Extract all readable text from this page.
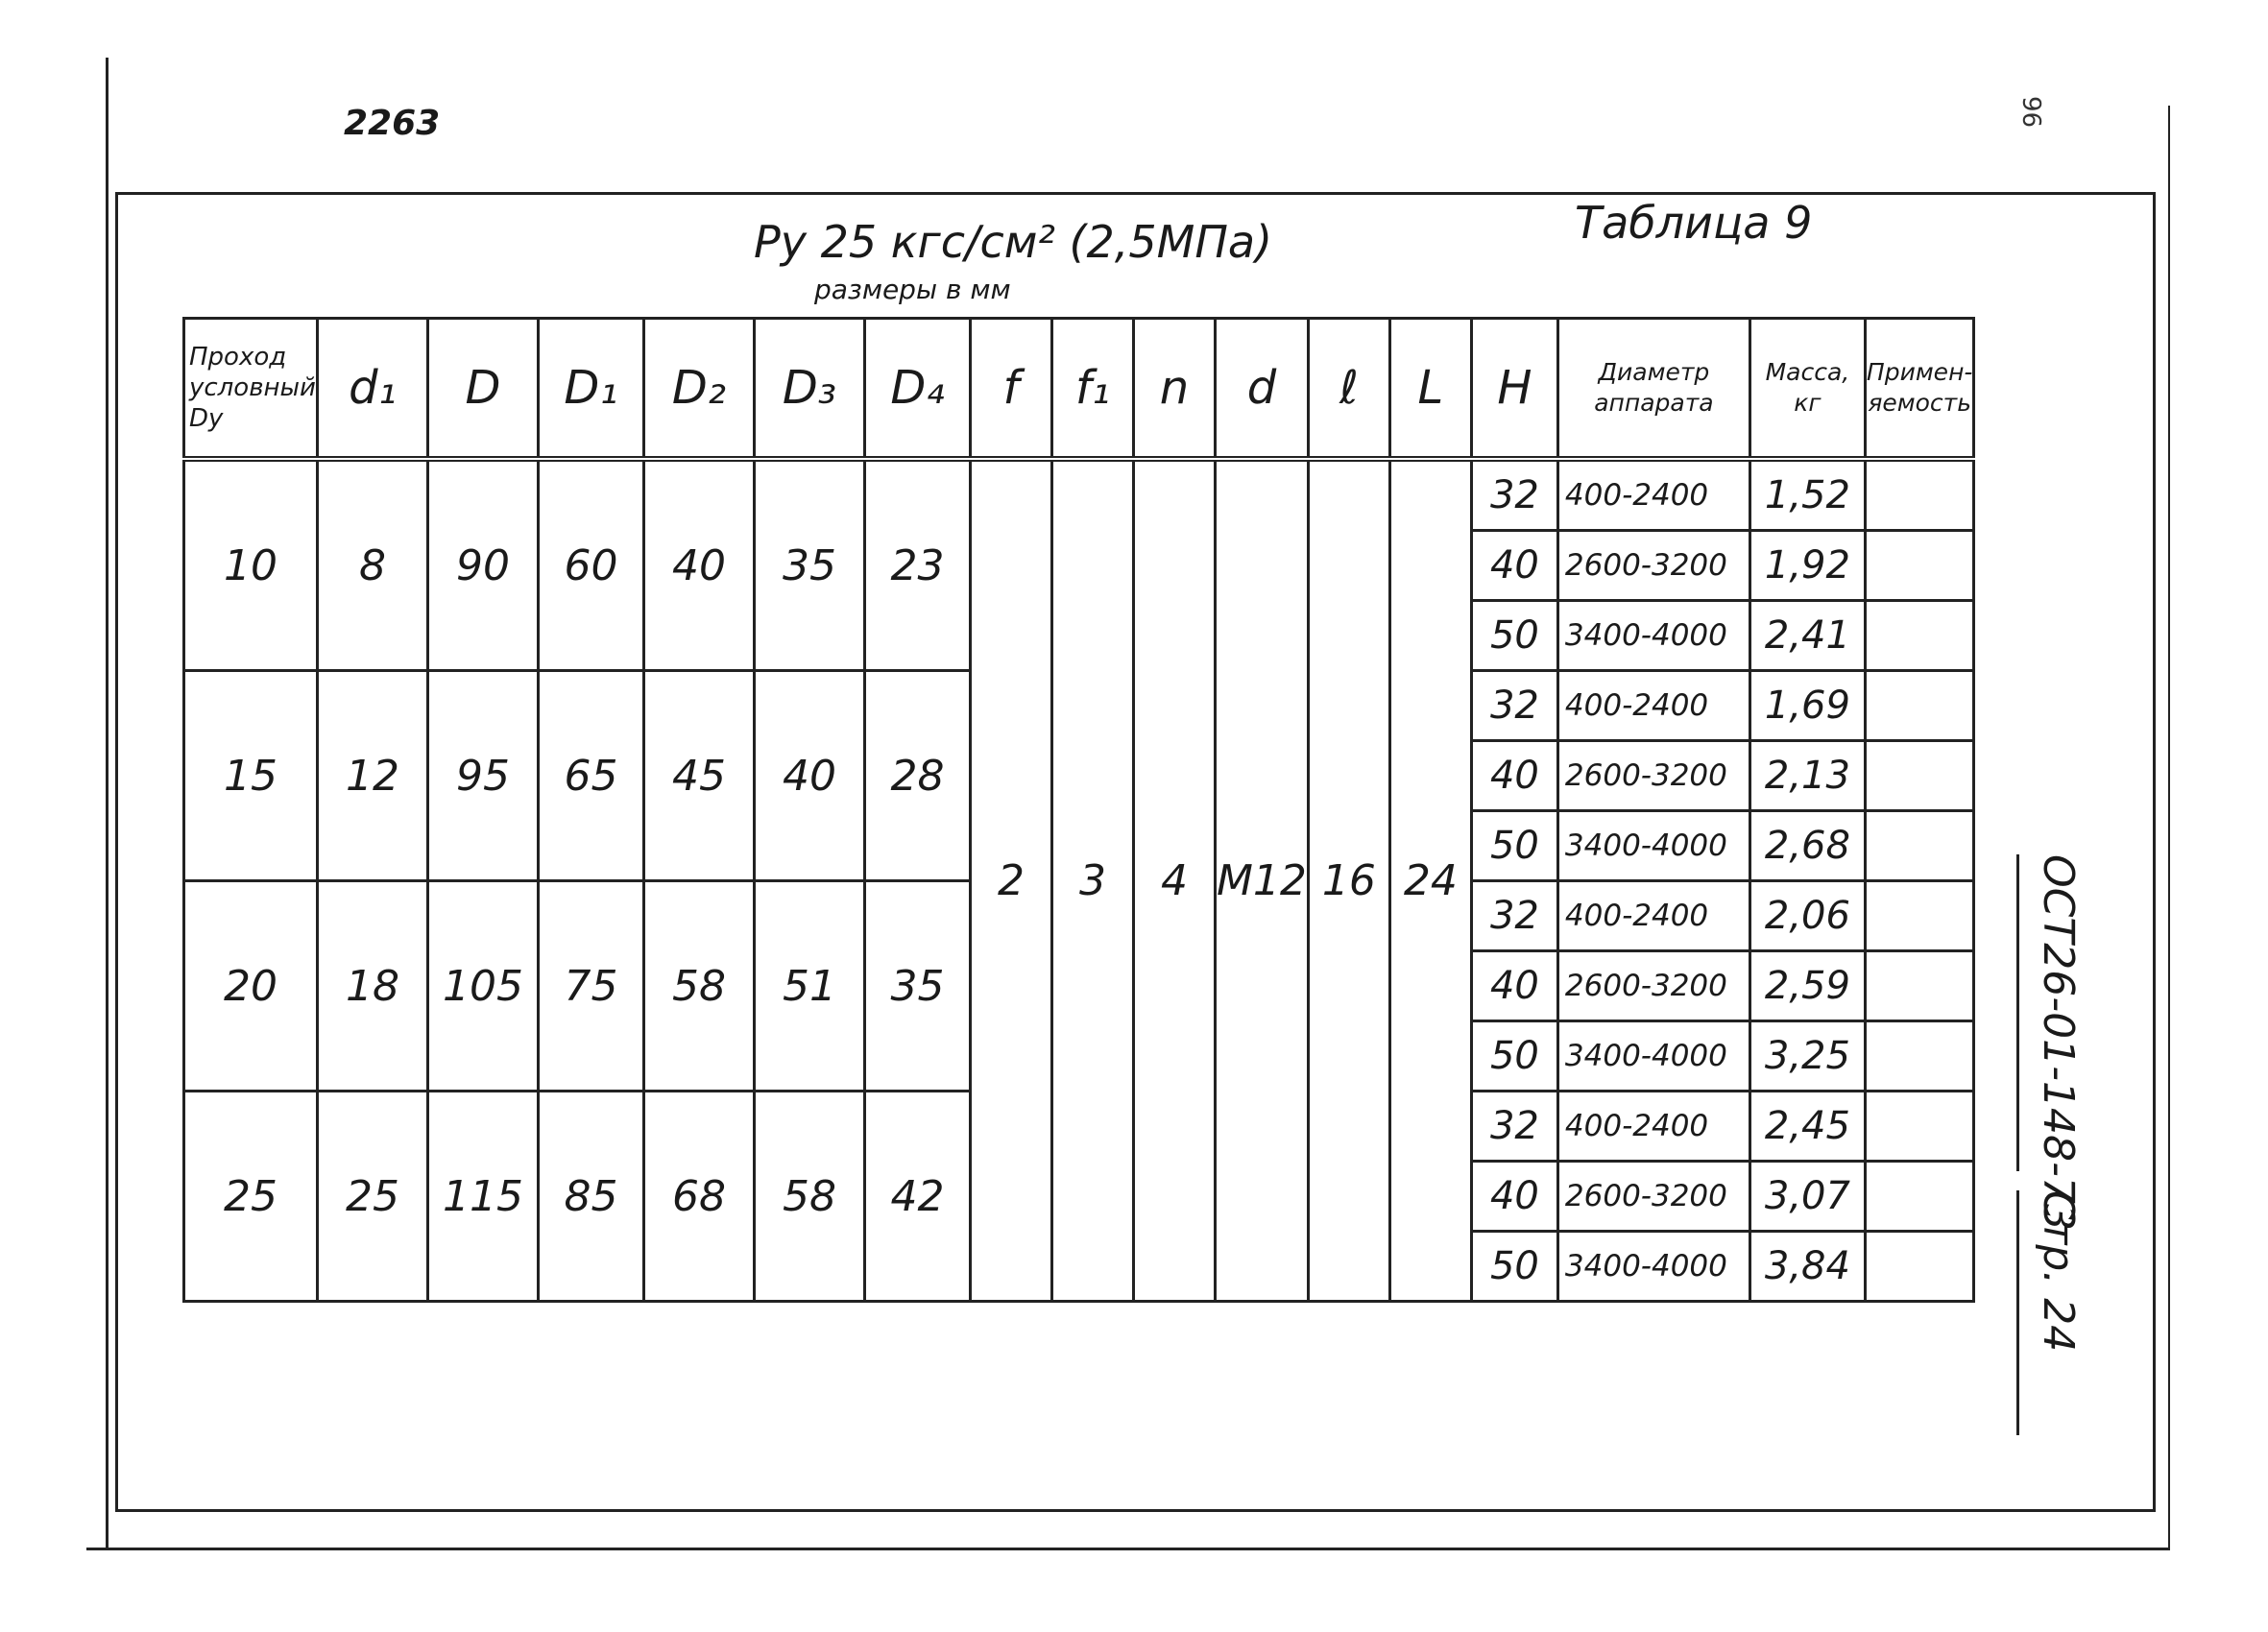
2263	96
Таблица 9
Py 25 кгс/см² (2,5МПа)
размеры в мм
Проход условный Dy	d₁	D	D₁	D₂	D₃	D₄	f	f₁	n	d	ℓ	L	H	Диаметр аппарата	Масса, кг	Применяемость
10	8	90	60	40	35	23	2	3	4	М12	16	24	32	400-2400	1,52	
													40	2600-3200	1,92	
													50	3400-4000	2,41	
15	12	95	65	45	40	28							32	400-2400	1,69	
													40	2600-3200	2,13	
													50	3400-4000	2,68	
20	18	105	75	58	51	35							32	400-2400	2,06	
													40	2600-3200	2,59	
													50	3400-4000	3,25	
25	25	115	85	68	58	42							32	400-2400	2,45	
													40	2600-3200	3,07	
													50	3400-4000	3,84	
ОСТ26-01-148-73
Стр. 24
